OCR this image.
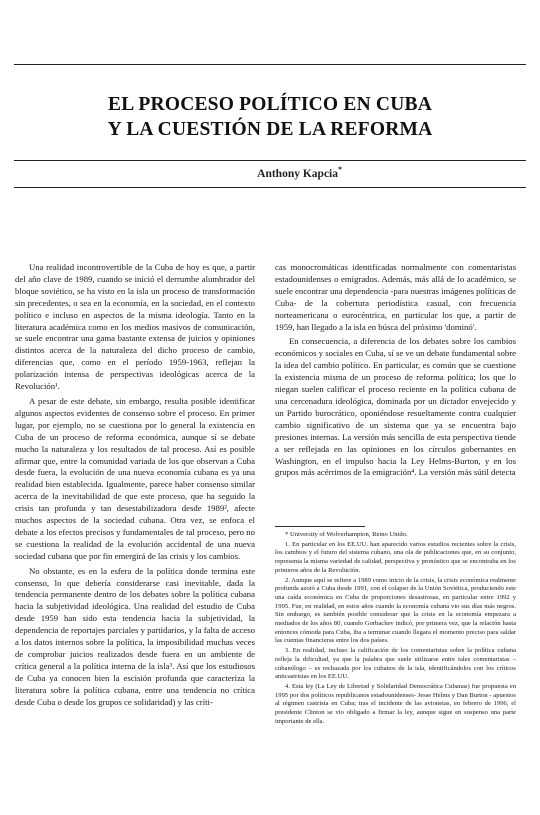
EL PROCESO POLÍTICO EN CUBA
Y LA CUESTIÓN DE LA REFORMA
Anthony Kapcia*

Una realidad incontrovertible de la Cuba de hoy es que, a partir del año clave de 1989, cuando se inició el derrumbe alumbrador del bloque soviético, se ha visto en la isla un proceso de transformación sin precedentes, o sea en la economía, en la sociedad, en el contexto político e incluso en aspectos de la misma ideología. Tanto en la literatura académica como en los medios masivos de comunicación, se suele encontrar una gama bastante extensa de juicios y opiniones distintos acerca de la naturaleza del dicho proceso de cambio, diferencias que, como en el período 1959-1963, reflejan la polarización intensa de perspectivas ideológicas acerca de la Revolución¹.

A pesar de este debate, sin embargo, resulta posible identificar algunos aspectos evidentes de consenso sobre el proceso. En primer lugar, por ejemplo, no se cuestiona por lo general la existencia en Cuba de un proceso de reforma económica, aunque sí se debate mucho la naturaleza y los resultados de tal proceso. Así es posible afirmar que, entre la comunidad variada de los que observan a Cuba desde fuera, la evolución de una nueva economía cubana es ya una realidad bien establecida. Igualmente, parece haber consenso similar acerca de la inevitabilidad de que este proceso, que ha seguido la crisis tan profunda y tan desestabilizadora desde 1989², afecte muchos aspectos de la sociedad cubana. Otra vez, se enfoca el debate a los efectos precisos y fundamentales de tal proceso, pero no se cuestiona la realidad de la evolución accidental de una nueva sociedad cubana que por fin emergirá de las crisis y los cambios.

No obstante, es en la esfera de la política donde termina este consenso, lo que debería considerarse casi inevitable, dada la tendencia permanente dentro de los debates sobre la política cubana hacia la subjetividad ideológica. Una realidad del estudio de Cuba desde 1959 han sido esta tendencia hacia la subjetividad, la dependencia de reportajes parciales y partidarios, y la falta de acceso a los datos internos sobre la política, la imposibilidad muchas veces de comprobar juicios realizados desde fuera en un ambiente de crítica general a la política interna de la isla³. Así que los estudiosos de Cuba ya conocen bien la escisión profunda que caracteriza la literatura sobre la política cubana, entre una tendencia no crítica desde Cuba o desde los grupos ce solidaridad) y las críti-

cas monocromáticas identificadas normalmente con comentaristas estadounidenses o emigrados. Además, más allá de lo académico, se suele encontrar una dependencia -para nuestras imágenes políticas de Cuba- de la cobertura periodística casual, con frecuencia norteamericana o eurocéntrica, en particular los que, a partir de 1959, han llegado a la isla en búsca del próximo 'dominó'.

En consecuencia, a diferencia de los debates sobre los cambios económicos y sociales en Cuba, sí se ve un debate fundamental sobre la idea del cambio político. En particular, es común que se cuestione la existencia misma de un proceso de reforma política; los que lo niegan suelen calificar el proceso reciente en la política cubana de una cercenadura ideológica, dominada por un dictador envejecido y un Partido burocrático, oponiéndose resueltamente contra cualquier cambio significativo de un sistema que ya se encuentra bajo presiones internas. La versión más sencilla de esta perspectiva tiende a ser reflejada en las opiniones en los círculos gobernantes en Washington, en el impulso hacia la Ley Helms-Burton, y en los grupos más acérrimos de la emigración⁴. La versión más sútil detecta

* University of Wolverhampton, Reino Unido.

1. En particular en los EE.UU. han aparecido varios estudios recientes sobre la crisis, los cambios y el futuro del sistema cubano, una ola de publicaciones que, en su conjunto, representa la misma variedad de calidad, perspectiva y pronóstico que se encontraba en los primeros años de la Revolución.

2. Aunque aquí se refiere a 1989 como inicio de la crisis, la crisis económica realmente profunda azotó a Cuba desde 1991, con el colapso de la Unión Soviética, produciendo este una caída económica en Cuba de proporciones desastrosas, en particular entre 1992 y 1995. Fue, en realidad, en estos años cuando la economía cubana vio sus días más negros. Sin embargo, es también posible considerar que la crisis en la economía empezara a mediados de los años 80, cuando Gorbachev indicó, por primera vez, que la relación hasta entonces cómoda para Cuba, iba a terminar cuando llegara el momento preciso para saldar las cuentas financieras entre los dos países.

3. En realidad, incluso la calificación de los comentaristas sobre la política cubana refleja la dificultad, ya que la palabra que suele utilizarse entre tales comentaristas – cubanólogo – es rechazada por los cubanos de la isla, identificándolos con los críticos anticastristas en los EE.UU.

4. Esta ley (La Ley de Libertad y Solidaridad Democrática Cubanas) fue propuesta en 1995 por dos políticos republicanos estadounidenses- Jesse Helms y Dan Burton - apuestos al régimen castrista en Cuba; tras el incidente de las avionetas, en febrero de 1996, el presidente Clinton se vio obligado a firmar la ley, aunque sigue en suspenso una parte importante de ella.
